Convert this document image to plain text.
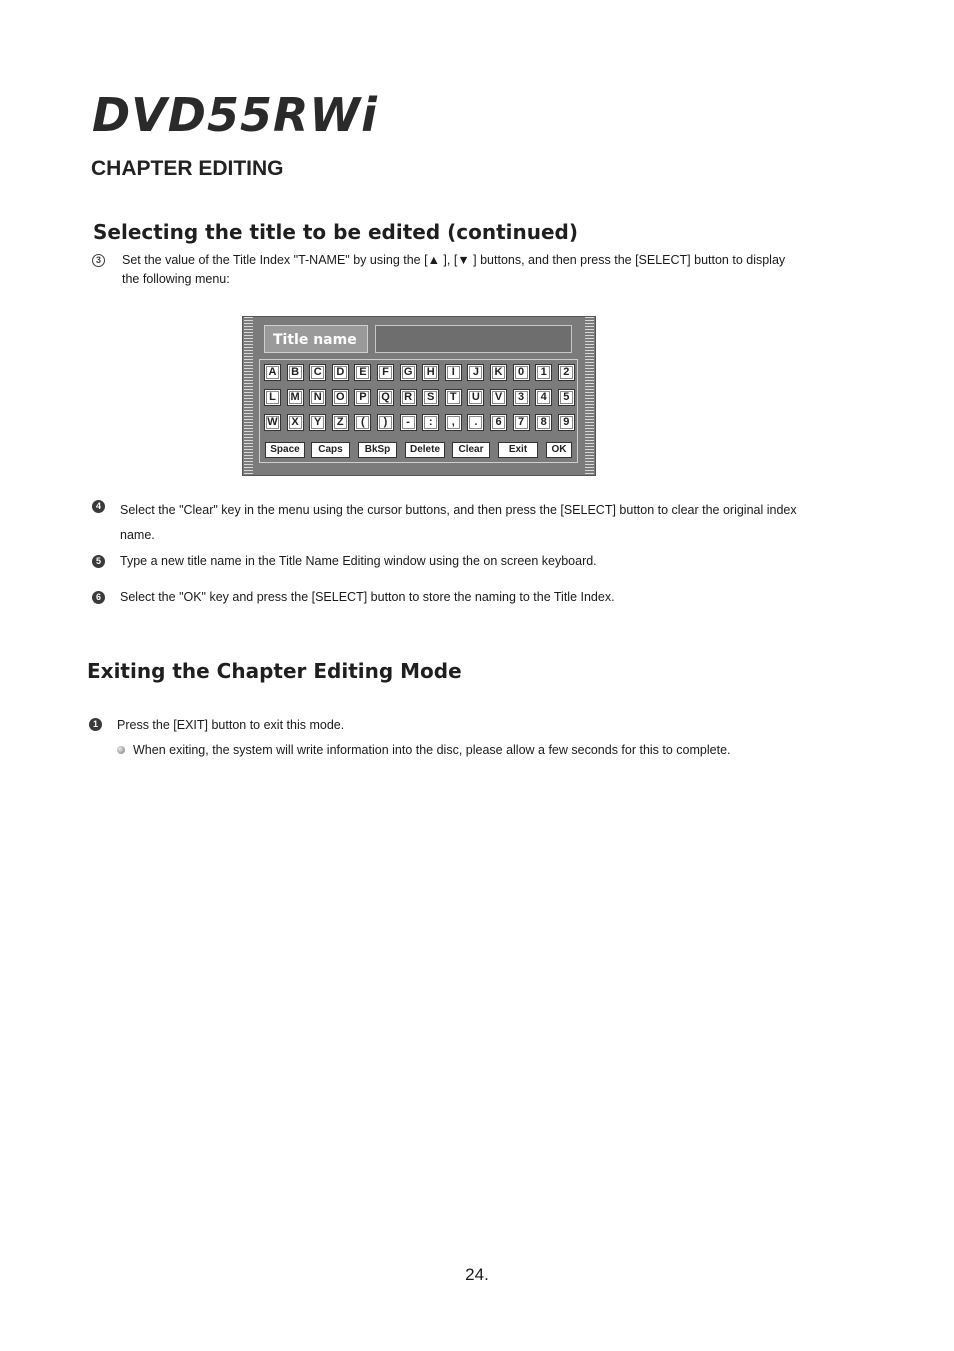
DVD55RWi
CHAPTER EDITING
Selecting the title to be edited (continued)
3	Set the value of the Title Index "T-NAME" by using the [▲ ], [▼ ] buttons, and then press the [SELECT] button to display
the following menu:
Title name
A	B	C	D	E	F	G	H	I	J	K	0	1	2
L	M	N	O	P	Q	R	S	T	U	V	3	4	5
W	X	Y	Z	(	)	-	:	,	.	6	7	8	9
Space	Caps	BkSp	Delete	Clear	Exit	OK
4	Select the "Clear" key in the menu using the cursor buttons, and then press the [SELECT] button to clear the original index
name.
5	Type a new title name in the Title Name Editing window using the on screen keyboard.
6	Select the "OK" key and press the [SELECT] button to store the naming to the Title Index.
Exiting the Chapter Editing Mode
1	Press the [EXIT] button to exit this mode.
When exiting, the system will write information into the disc, please allow a few seconds for this to complete.
24.
